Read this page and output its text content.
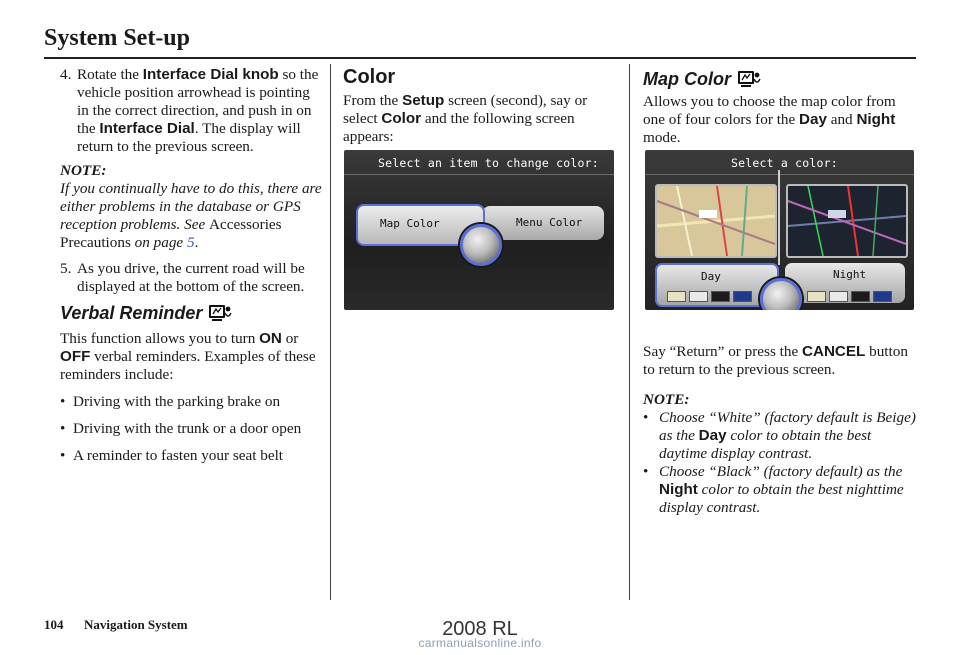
System Set-up

4. Rotate the Interface Dial knob so the vehicle position arrowhead is pointing in the correct direction, and push in on the Interface Dial. The display will return to the previous screen.

NOTE:

If you continually have to do this, there are either problems in the database or GPS reception problems. See Accessories Precautions on page 5.

5. As you drive, the current road will be displayed at the bottom of the screen.

Verbal Reminder

This function allows you to turn ON or OFF verbal reminders. Examples of these reminders include:

• Driving with the parking brake on
• Driving with the trunk or a door open
• A reminder to fasten your seat belt
Color

From the Setup screen (second), say or select Color and the following screen appears:

Select an item to change color:
Menu Color
Map Color
Map Color

Allows you to choose the map color from one of four colors for the Day and Night mode.

Say “Return” or press the CANCEL button to return to the previous screen.

NOTE:

• Choose “White” (factory default is Beige) as the Day color to obtain the best daytime display contrast.
• Choose “Black” (factory default) as the Night color to obtain the best nighttime display contrast.
Select a color:
Day	Night
104 Navigation System	2008 RL
carmanualsonline.info
